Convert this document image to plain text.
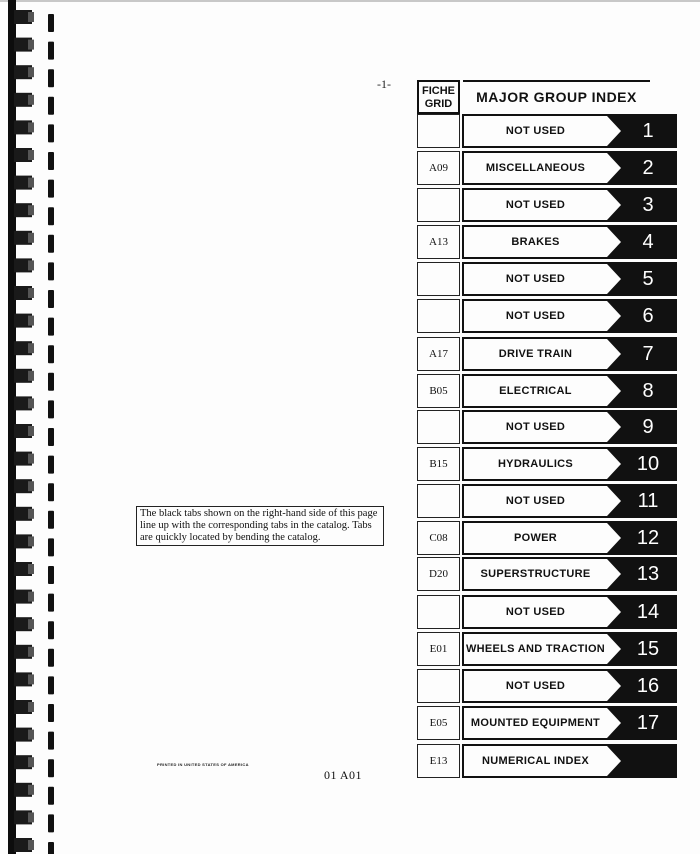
-1-	FICHE GRID	MAJOR GROUP INDEX
NOT USED	1
A09	MISCELLANEOUS	2
NOT USED	3
A13	BRAKES	4
NOT USED	5
NOT USED	6
A17	DRIVE TRAIN	7
B05	ELECTRICAL	8
NOT USED	9
B15	HYDRAULICS	10
NOT USED	11
C08	POWER	12
D20	SUPERSTRUCTURE	13
NOT USED	14
E01	WHEELS AND TRACTION	15
NOT USED	16
E05	MOUNTED EQUIPMENT	17
E13	NUMERICAL INDEX
The black tabs shown on the right-hand side of this page line up with the corresponding tabs in the catalog. Tabs are quickly located by bending the catalog.
PRINTED IN UNITED STATES OF AMERICA
01 A01
